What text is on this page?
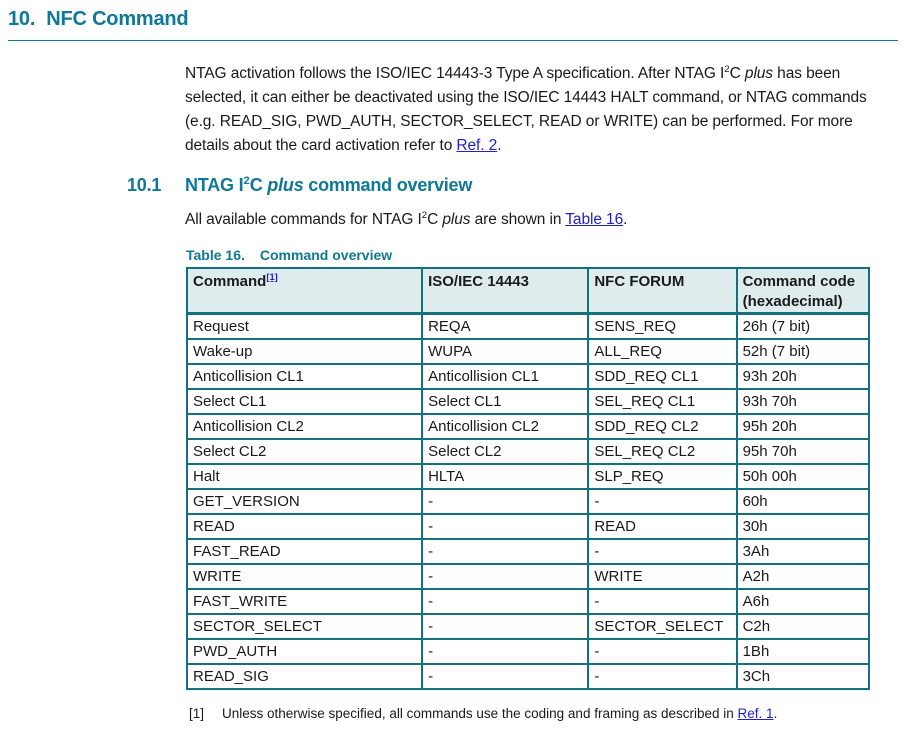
10. NFC Command

NTAG activation follows the ISO/IEC 14443-3 Type A specification. After NTAG $I^2C$ plus has been selected, it can either be deactivated using the ISO/IEC 14443 HALT command, or NTAG commands (e.g. READ_SIG, PWD_AUTH, SECTOR_SELECT, READ or WRITE) can be performed. For more details about the card activation refer to Ref. 2.

10.1	NTAG $I^2C$ plus command overview

All available commands for NTAG $I^2C$ plus are shown in Table 16.

Table 16. Command overview
Command[1]	ISO/IEC 14443	NFC FORUM	Command code (hexadecimal)
Request	REQA	SENS_REQ	26h (7 bit)
Wake-up	WUPA	ALL_REQ	52h (7 bit)
Anticollision CL1	Anticollision CL1	SDD_REQ CL1	93h 20h
Select CL1	Select CL1	SEL_REQ CL1	93h 70h
Anticollision CL2	Anticollision CL2	SDD_REQ CL2	95h 20h
Select CL2	Select CL2	SEL_REQ CL2	95h 70h
Halt	HLTA	SLP_REQ	50h 00h
GET_VERSION	-	-	60h
READ	-	READ	30h
FAST_READ	-	-	3Ah
WRITE	-	WRITE	A2h
FAST_WRITE	-	-	A6h
SECTOR_SELECT	-	SECTOR_SELECT	C2h
PWD_AUTH	-	-	1Bh
READ_SIG	-	-	3Ch
[1]	Unless otherwise specified, all commands use the coding and framing as described in Ref. 1.
